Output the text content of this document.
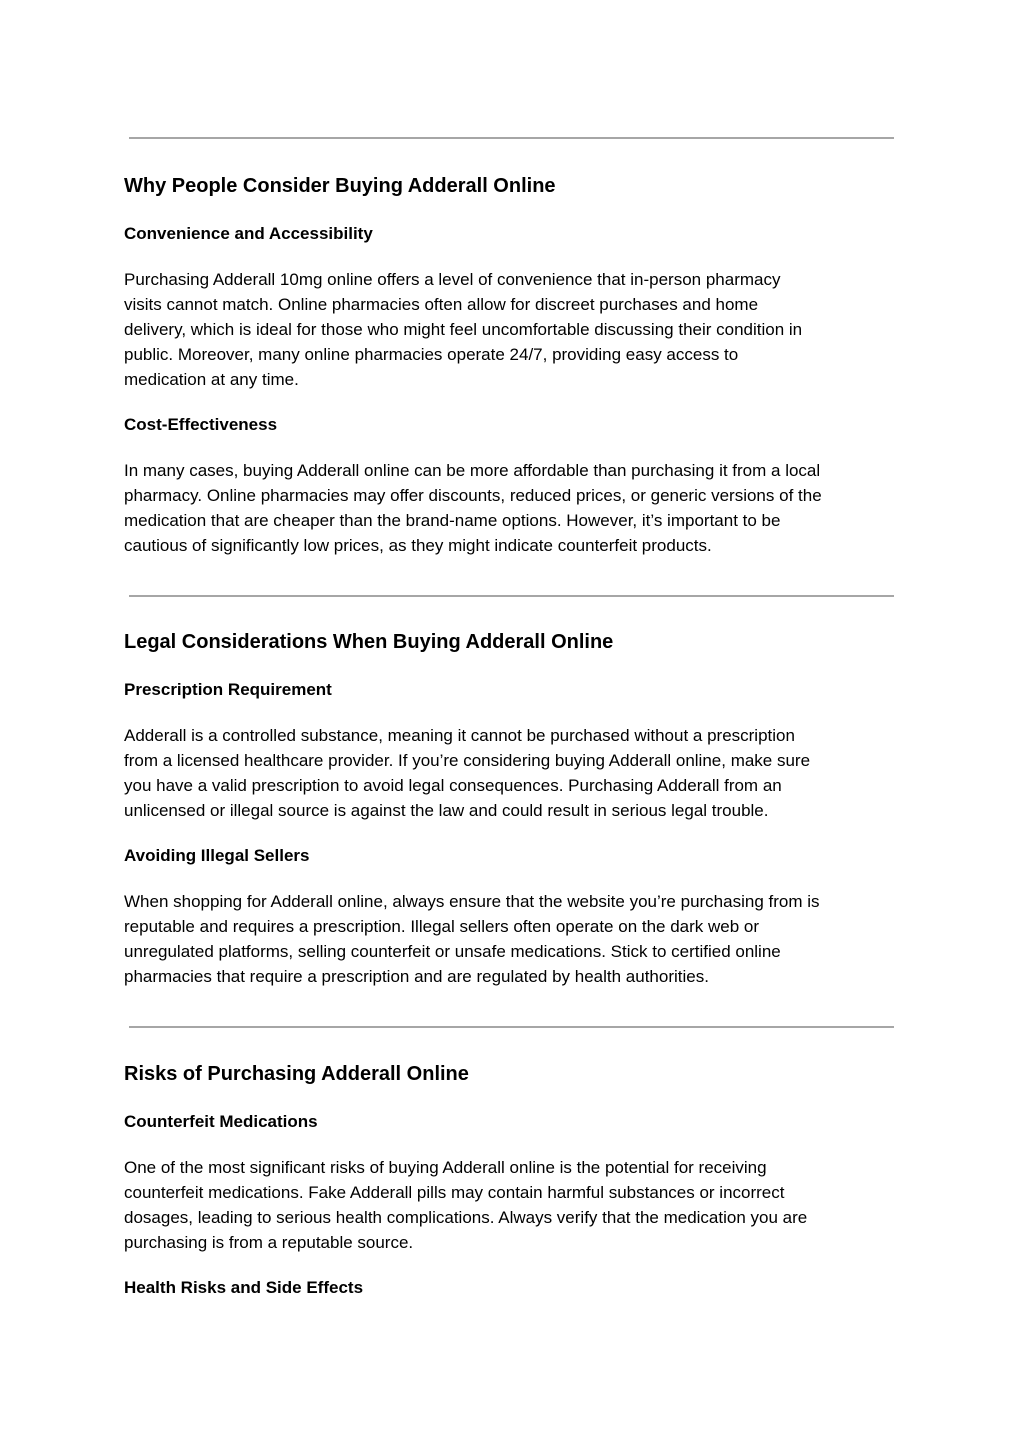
Why People Consider Buying Adderall Online
Convenience and Accessibility

Purchasing Adderall 10mg online offers a level of convenience that in-person pharmacy
visits cannot match. Online pharmacies often allow for discreet purchases and home
delivery, which is ideal for those who might feel uncomfortable discussing their condition in
public. Moreover, many online pharmacies operate 24/7, providing easy access to
medication at any time.

Cost-Effectiveness

In many cases, buying Adderall online can be more affordable than purchasing it from a local
pharmacy. Online pharmacies may offer discounts, reduced prices, or generic versions of the
medication that are cheaper than the brand-name options. However, it’s important to be
cautious of significantly low prices, as they might indicate counterfeit products.

Legal Considerations When Buying Adderall Online
Prescription Requirement

Adderall is a controlled substance, meaning it cannot be purchased without a prescription
from a licensed healthcare provider. If you’re considering buying Adderall online, make sure
you have a valid prescription to avoid legal consequences. Purchasing Adderall from an
unlicensed or illegal source is against the law and could result in serious legal trouble.

Avoiding Illegal Sellers

When shopping for Adderall online, always ensure that the website you’re purchasing from is
reputable and requires a prescription. Illegal sellers often operate on the dark web or
unregulated platforms, selling counterfeit or unsafe medications. Stick to certified online
pharmacies that require a prescription and are regulated by health authorities.

Risks of Purchasing Adderall Online
Counterfeit Medications

One of the most significant risks of buying Adderall online is the potential for receiving
counterfeit medications. Fake Adderall pills may contain harmful substances or incorrect
dosages, leading to serious health complications. Always verify that the medication you are
purchasing is from a reputable source.

Health Risks and Side Effects
